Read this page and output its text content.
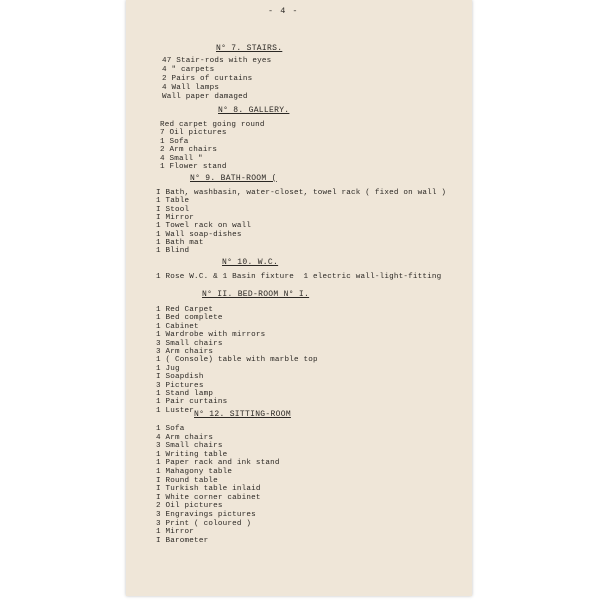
- 4 -
N° 7. STAIRS.
47 Stair-rods with eyes
4 " carpets
2 Pairs of curtains
4 Wall lamps
Wall paper damaged
N° 8. GALLERY.
Red carpet going round
7 Oil pictures
1 Sofa
2 Arm chairs
4 Small "
1 Flower stand
N° 9. BATH-ROOM (
I Bath, washbasin, water-closet, towel rack ( fixed on wall )
1 Table
I Stool
I Mirror
1 Towel rack on wall
1 Wall soap-dishes
1 Bath mat
1 Blind
N° 10. W.C.
1 Rose W.C. & 1 Basin fixture  1 electric wall-light-fitting
N° II. BED-ROOM N° I.
1 Red Carpet
1 Bed complete
1 Cabinet
1 Wardrobe with mirrors
3 Small chairs
3 Arm chairs
1 ( Console) table with marble top
1 Jug
I Soapdish
3 Pictures
1 Stand lamp
1 Pair curtains
1 Luster N° 12. SITTING-ROOM
1 Sofa
4 Arm chairs
3 Small chairs
1 Writing table
1 Paper rack and ink stand
1 Mahagony table
I Round table
I Turkish table inlaid
I White corner cabinet
2 Oil pictures
3 Engravings pictures
3 Print ( coloured )
1 Mirror
I Barometer
